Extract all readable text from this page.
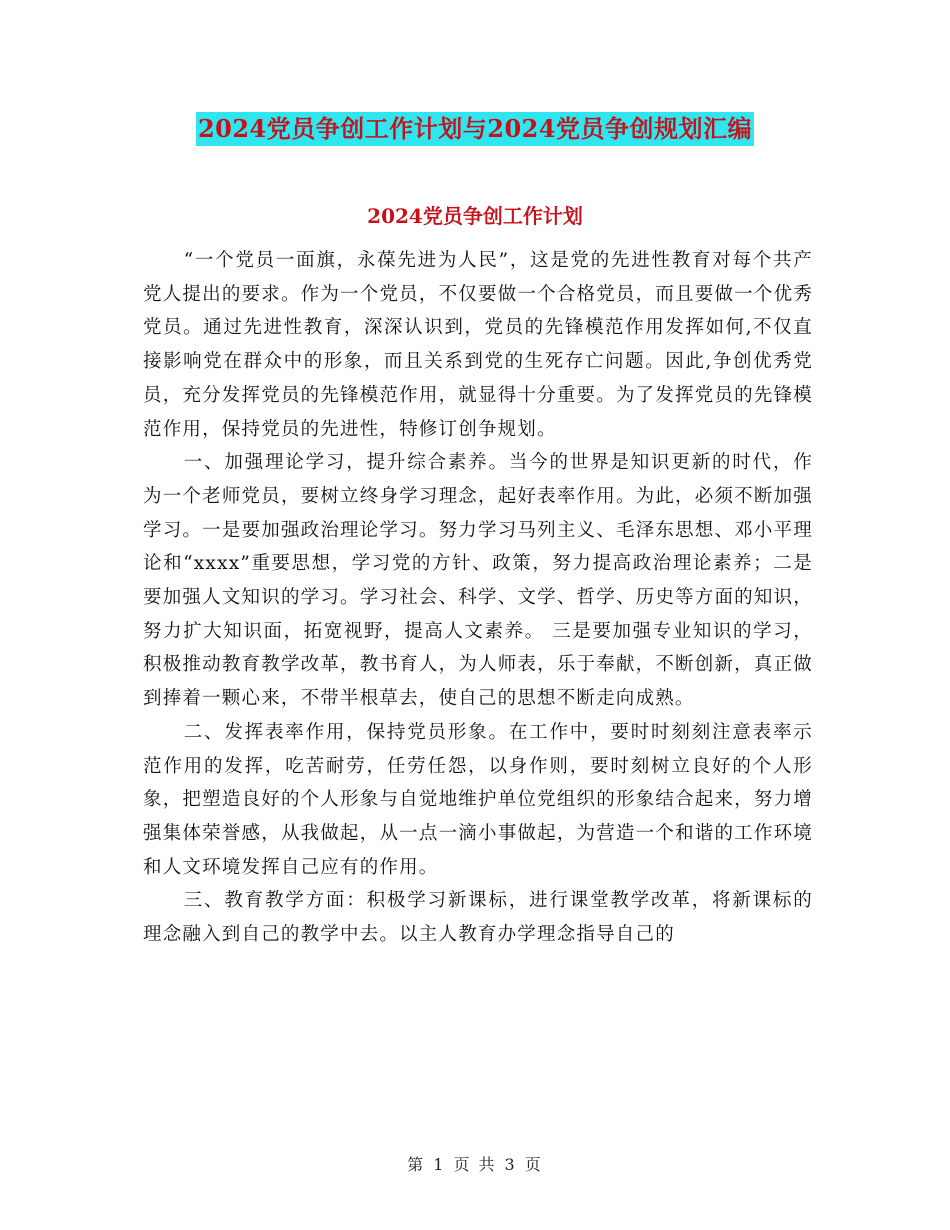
2024党员争创工作计划与2024党员争创规划汇编
2024党员争创工作计划

“一个党员一面旗，永葆先进为人民”，这是党的先进性教育对每个共产党人提出的要求。作为一个党员，不仅要做一个合格党员，而且要做一个优秀党员。通过先进性教育，深深认识到，党员的先锋模范作用发挥如何,不仅直接影响党在群众中的形象，而且关系到党的生死存亡问题。因此,争创优秀党员，充分发挥党员的先锋模范作用，就显得十分重要。为了发挥党员的先锋模范作用，保持党员的先进性，特修订创争规划。

一、加强理论学习，提升综合素养。当今的世界是知识更新的时代，作为一个老师党员，要树立终身学习理念，起好表率作用。为此，必须不断加强学习。一是要加强政治理论学习。努力学习马列主义、毛泽东思想、邓小平理论和“xxxx”重要思想，学习党的方针、政策，努力提高政治理论素养；二是要加强人文知识的学习。学习社会、科学、文学、哲学、历史等方面的知识，努力扩大知识面，拓宽视野，提高人文素养。 三是要加强专业知识的学习，积极推动教育教学改革，教书育人，为人师表，乐于奉献，不断创新，真正做到捧着一颗心来，不带半根草去，使自己的思想不断走向成熟。

二、发挥表率作用，保持党员形象。在工作中，要时时刻刻注意表率示范作用的发挥，吃苦耐劳，任劳任怨，以身作则，要时刻树立良好的个人形象，把塑造良好的个人形象与自觉地维护单位党组织的形象结合起来，努力增强集体荣誉感，从我做起，从一点一滴小事做起，为营造一个和谐的工作环境和人文环境发挥自己应有的作用。

三、教育教学方面：积极学习新课标，进行课堂教学改革，将新课标的理念融入到自己的教学中去。以主人教育办学理念指导自己的

第 1 页 共 3 页
